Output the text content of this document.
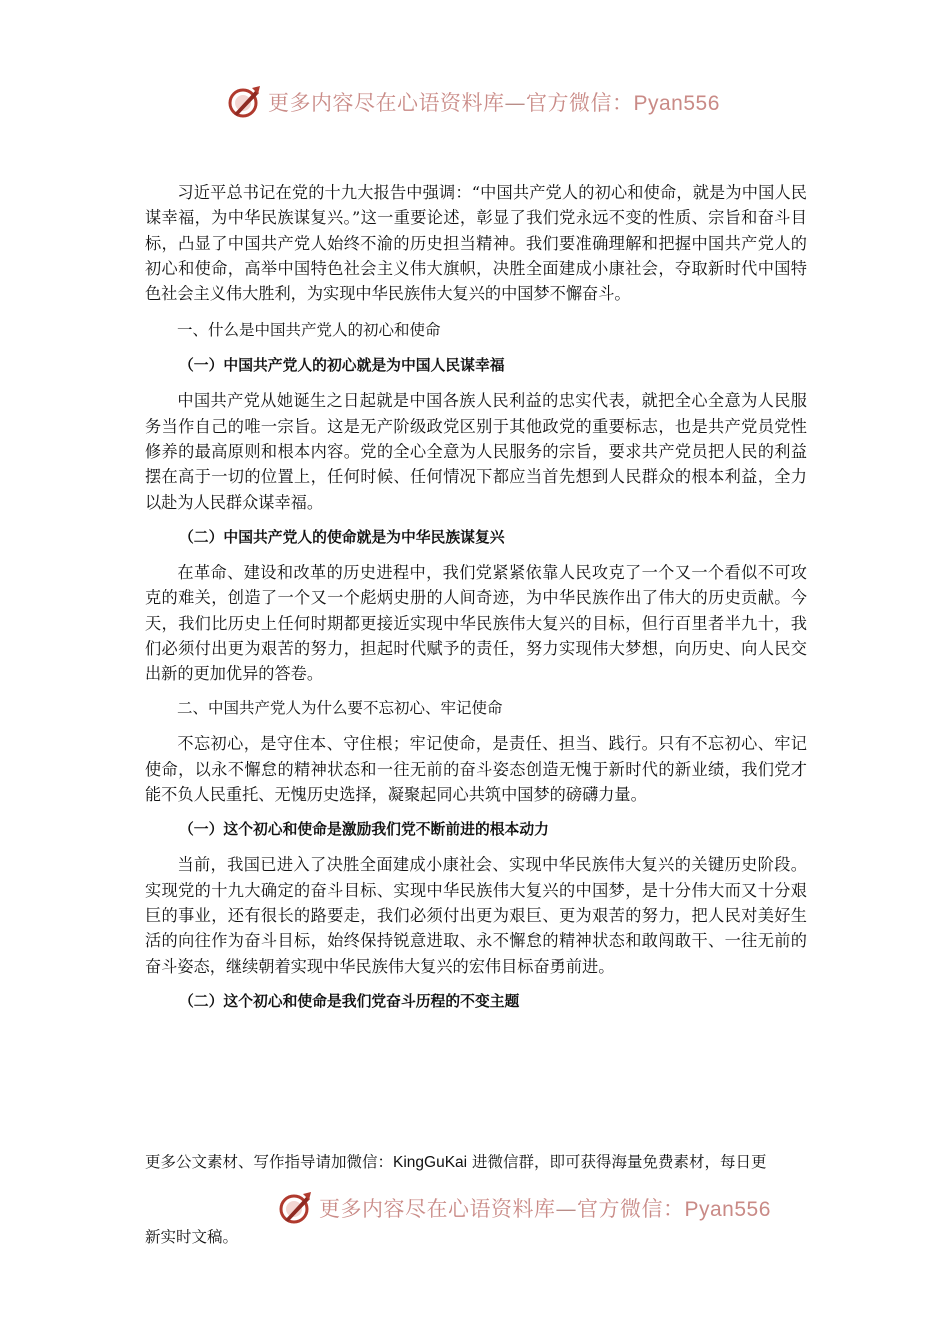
更多内容尽在心语资料库—官方微信：Pyan556

习近平总书记在党的十九大报告中强调：“中国共产党人的初心和使命，就是为中国人民谋幸福，为中华民族谋复兴。”这一重要论述，彰显了我们党永远不变的性质、宗旨和奋斗目标，凸显了中国共产党人始终不渝的历史担当精神。我们要准确理解和把握中国共产党人的初心和使命，高举中国特色社会主义伟大旗帜，决胜全面建成小康社会，夺取新时代中国特色社会主义伟大胜利，为实现中华民族伟大复兴的中国梦不懈奋斗。

一、什么是中国共产党人的初心和使命

（一）中国共产党人的初心就是为中国人民谋幸福

中国共产党从她诞生之日起就是中国各族人民利益的忠实代表，就把全心全意为人民服务当作自己的唯一宗旨。这是无产阶级政党区别于其他政党的重要标志，也是共产党员党性修养的最高原则和根本内容。党的全心全意为人民服务的宗旨，要求共产党员把人民的利益摆在高于一切的位置上，任何时候、任何情况下都应当首先想到人民群众的根本利益，全力以赴为人民群众谋幸福。

（二）中国共产党人的使命就是为中华民族谋复兴

在革命、建设和改革的历史进程中，我们党紧紧依靠人民攻克了一个又一个看似不可攻克的难关，创造了一个又一个彪炳史册的人间奇迹，为中华民族作出了伟大的历史贡献。今天，我们比历史上任何时期都更接近实现中华民族伟大复兴的目标，但行百里者半九十，我们必须付出更为艰苦的努力，担起时代赋予的责任，努力实现伟大梦想，向历史、向人民交出新的更加优异的答卷。

二、中国共产党人为什么要不忘初心、牢记使命

不忘初心，是守住本、守住根；牢记使命，是责任、担当、践行。只有不忘初心、牢记使命，以永不懈怠的精神状态和一往无前的奋斗姿态创造无愧于新时代的新业绩，我们党才能不负人民重托、无愧历史选择，凝聚起同心共筑中国梦的磅礴力量。

（一）这个初心和使命是激励我们党不断前进的根本动力

当前，我国已进入了决胜全面建成小康社会、实现中华民族伟大复兴的关键历史阶段。实现党的十九大确定的奋斗目标、实现中华民族伟大复兴的中国梦，是十分伟大而又十分艰巨的事业，还有很长的路要走，我们必须付出更为艰巨、更为艰苦的努力，把人民对美好生活的向往作为奋斗目标，始终保持锐意进取、永不懈怠的精神状态和敢闯敢干、一往无前的奋斗姿态，继续朝着实现中华民族伟大复兴的宏伟目标奋勇前进。

（二）这个初心和使命是我们党奋斗历程的不变主题

更多公文素材、写作指导请加微信：KingGuKai 进微信群，即可获得海量免费素材，每日更

更多内容尽在心语资料库—官方微信：Pyan556

新实时文稿。
